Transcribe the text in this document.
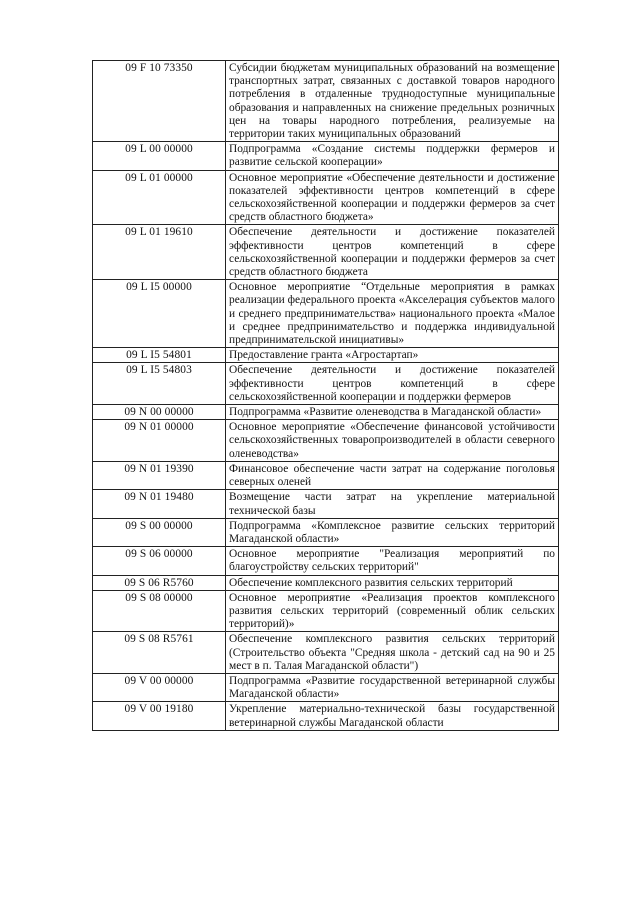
09 F 10 73350	Субсидии бюджетам муниципальных образований на возмещение транспортных затрат, связанных с доставкой товаров народного потребления в отдаленные труднодоступные муниципальные образования и направленных на снижение предельных розничных цен на товары народного потребления, реализуемые на территории таких муниципальных образований
09 L 00 00000	Подпрограмма «Создание системы поддержки фермеров и развитие сельской кооперации»
09 L 01 00000	Основное мероприятие «Обеспечение деятельности и достижение показателей эффективности центров компетенций в сфере сельскохозяйственной кооперации и поддержки фермеров за счет средств областного бюджета»
09 L 01 19610	Обеспечение деятельности и достижение показателей эффективности центров компетенций в сфере сельскохозяйственной кооперации и поддержки фермеров за счет средств областного бюджета
09 L I5 00000	Основное мероприятие “Отдельные мероприятия в рамках реализации федерального проекта «Акселерация субъектов малого и среднего предпринимательства» национального проекта «Малое и среднее предпринимательство и поддержка индивидуальной предпринимательской инициативы»
09 L I5 54801	Предоставление гранта «Агростартап»
09 L I5 54803	Обеспечение деятельности и достижение показателей эффективности центров компетенций в сфере сельскохозяйственной кооперации и поддержки фермеров
09 N 00 00000	Подпрограмма «Развитие оленеводства в Магаданской области»
09 N 01 00000	Основное мероприятие «Обеспечение финансовой устойчивости сельскохозяйственных товаропроизводителей в области северного оленеводства»
09 N 01 19390	Финансовое обеспечение части затрат на содержание поголовья северных оленей
09 N 01 19480	Возмещение части затрат на укрепление материальной технической базы
09 S 00 00000	Подпрограмма «Комплексное развитие сельских территорий Магаданской области»
09 S 06 00000	Основное мероприятие "Реализация мероприятий по благоустройству сельских территорий"
09 S 06 R5760	Обеспечение комплексного развития сельских территорий
09 S 08 00000	Основное мероприятие «Реализация проектов комплексного развития сельских территорий (современный облик сельских территорий)»
09 S 08 R5761	Обеспечение комплексного развития сельских территорий (Строительство объекта "Средняя школа - детский сад на 90 и 25 мест в п. Талая Магаданской области")
09 V 00 00000	Подпрограмма «Развитие государственной ветеринарной службы Магаданской области»
09 V 00 19180	Укрепление материально-технической базы государственной ветеринарной службы Магаданской области
